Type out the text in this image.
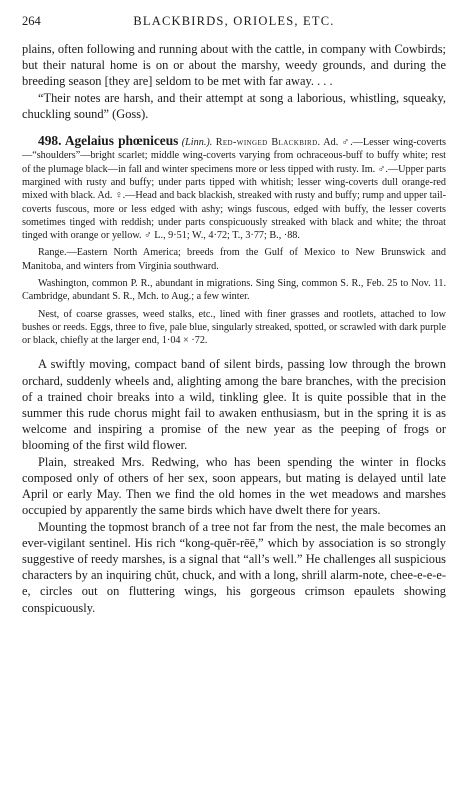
264	BLACKBIRDS, ORIOLES, ETC.

plains, often following and running about with the cattle, in company with Cowbirds; but their natural home is on or about the marshy, weedy grounds, and during the breeding season [they are] seldom to be met with far away. . . .

“Their notes are harsh, and their attempt at song a laborious, whistling, squeaky, chuckling sound” (Goss).

498. Agelaius phœniceus (Linn.). Red-winged Blackbird. Ad. ♂.—Lesser wing-coverts—“shoulders”—bright scarlet; middle wing-coverts varying from ochraceous-buff to buffy white; rest of the plumage black—in fall and winter specimens more or less tipped with rusty. Im. ♂.—Upper parts margined with rusty and buffy; under parts tipped with whitish; lesser wing-coverts dull orange-red mixed with black. Ad. ♀.—Head and back blackish, streaked with rusty and buffy; rump and upper tail-coverts fuscous, more or less edged with ashy; wings fuscous, edged with buffy, the lesser coverts sometimes tinged with reddish; under parts conspicuously streaked with black and white; the throat tinged with orange or yellow. ♂ L., 9·51; W., 4·72; T., 3·77; B., ·88.

Range.—Eastern North America; breeds from the Gulf of Mexico to New Brunswick and Manitoba, and winters from Virginia southward.

Washington, common P. R., abundant in migrations. Sing Sing, common S. R., Feb. 25 to Nov. 11. Cambridge, abundant S. R., Mch. to Aug.; a few winter.

Nest, of coarse grasses, weed stalks, etc., lined with finer grasses and rootlets, attached to low bushes or reeds. Eggs, three to five, pale blue, singularly streaked, spotted, or scrawled with dark purple or black, chiefly at the larger end, 1·04 × ·72.

A swiftly moving, compact band of silent birds, passing low through the brown orchard, suddenly wheels and, alighting among the bare branches, with the precision of a trained choir breaks into a wild, tinkling glee. It is quite possible that in the summer this rude chorus might fail to awaken enthusiasm, but in the spring it is as welcome and inspiring a promise of the new year as the peeping of frogs or blooming of the first wild flower.

Plain, streaked Mrs. Redwing, who has been spending the winter in flocks composed only of others of her sex, soon appears, but mating is delayed until late April or early May. Then we find the old homes in the wet meadows and marshes occupied by apparently the same birds which have dwelt there for years.

Mounting the topmost branch of a tree not far from the nest, the male becomes an ever-vigilant sentinel. His rich “kong-quĕr-rēē,” which by association is so strongly suggestive of reedy marshes, is a signal that “all’s well.” He challenges all suspicious characters by an inquiring chŭt, chuck, and with a long, shrill alarm-note, chee-e-e-e-e, circles out on fluttering wings, his gorgeous crimson epaulets showing conspicuously.
